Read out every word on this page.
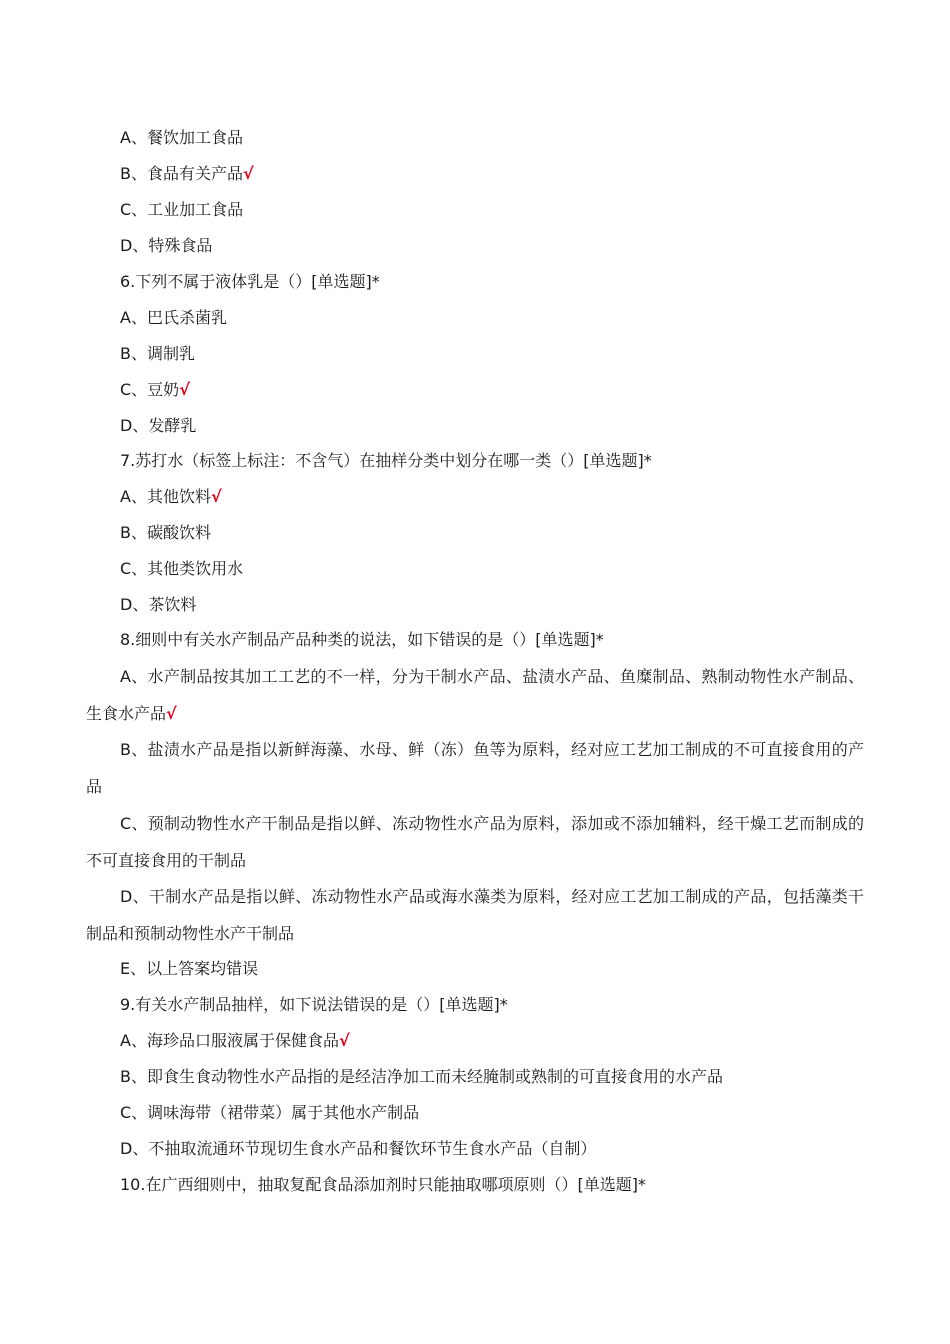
A、餐饮加工食品
B、食品有关产品√
C、工业加工食品
D、特殊食品
6.下列不属于液体乳是（）[单选题]*
A、巴氏杀菌乳
B、调制乳
C、豆奶√
D、发酵乳
7.苏打水（标签上标注：不含气）在抽样分类中划分在哪一类（）[单选题]*
A、其他饮料√
B、碳酸饮料
C、其他类饮用水
D、茶饮料
8.细则中有关水产制品产品种类的说法，如下错误的是（）[单选题]*
A、水产制品按其加工工艺的不一样，分为干制水产品、盐渍水产品、鱼糜制品、熟制动物性水产制品、生食水产品√
B、盐渍水产品是指以新鲜海藻、水母、鲜（冻）鱼等为原料，经对应工艺加工制成的不可直接食用的产品
C、预制动物性水产干制品是指以鲜、冻动物性水产品为原料，添加或不添加辅料，经干燥工艺而制成的不可直接食用的干制品
D、干制水产品是指以鲜、冻动物性水产品或海水藻类为原料，经对应工艺加工制成的产品，包括藻类干制品和预制动物性水产干制品
E、以上答案均错误
9.有关水产制品抽样，如下说法错误的是（）[单选题]*
A、海珍品口服液属于保健食品√
B、即食生食动物性水产品指的是经洁净加工而未经腌制或熟制的可直接食用的水产品
C、调味海带（裙带菜）属于其他水产制品
D、不抽取流通环节现切生食水产品和餐饮环节生食水产品（自制）
10.在广西细则中，抽取复配食品添加剂时只能抽取哪项原则（）[单选题]*
